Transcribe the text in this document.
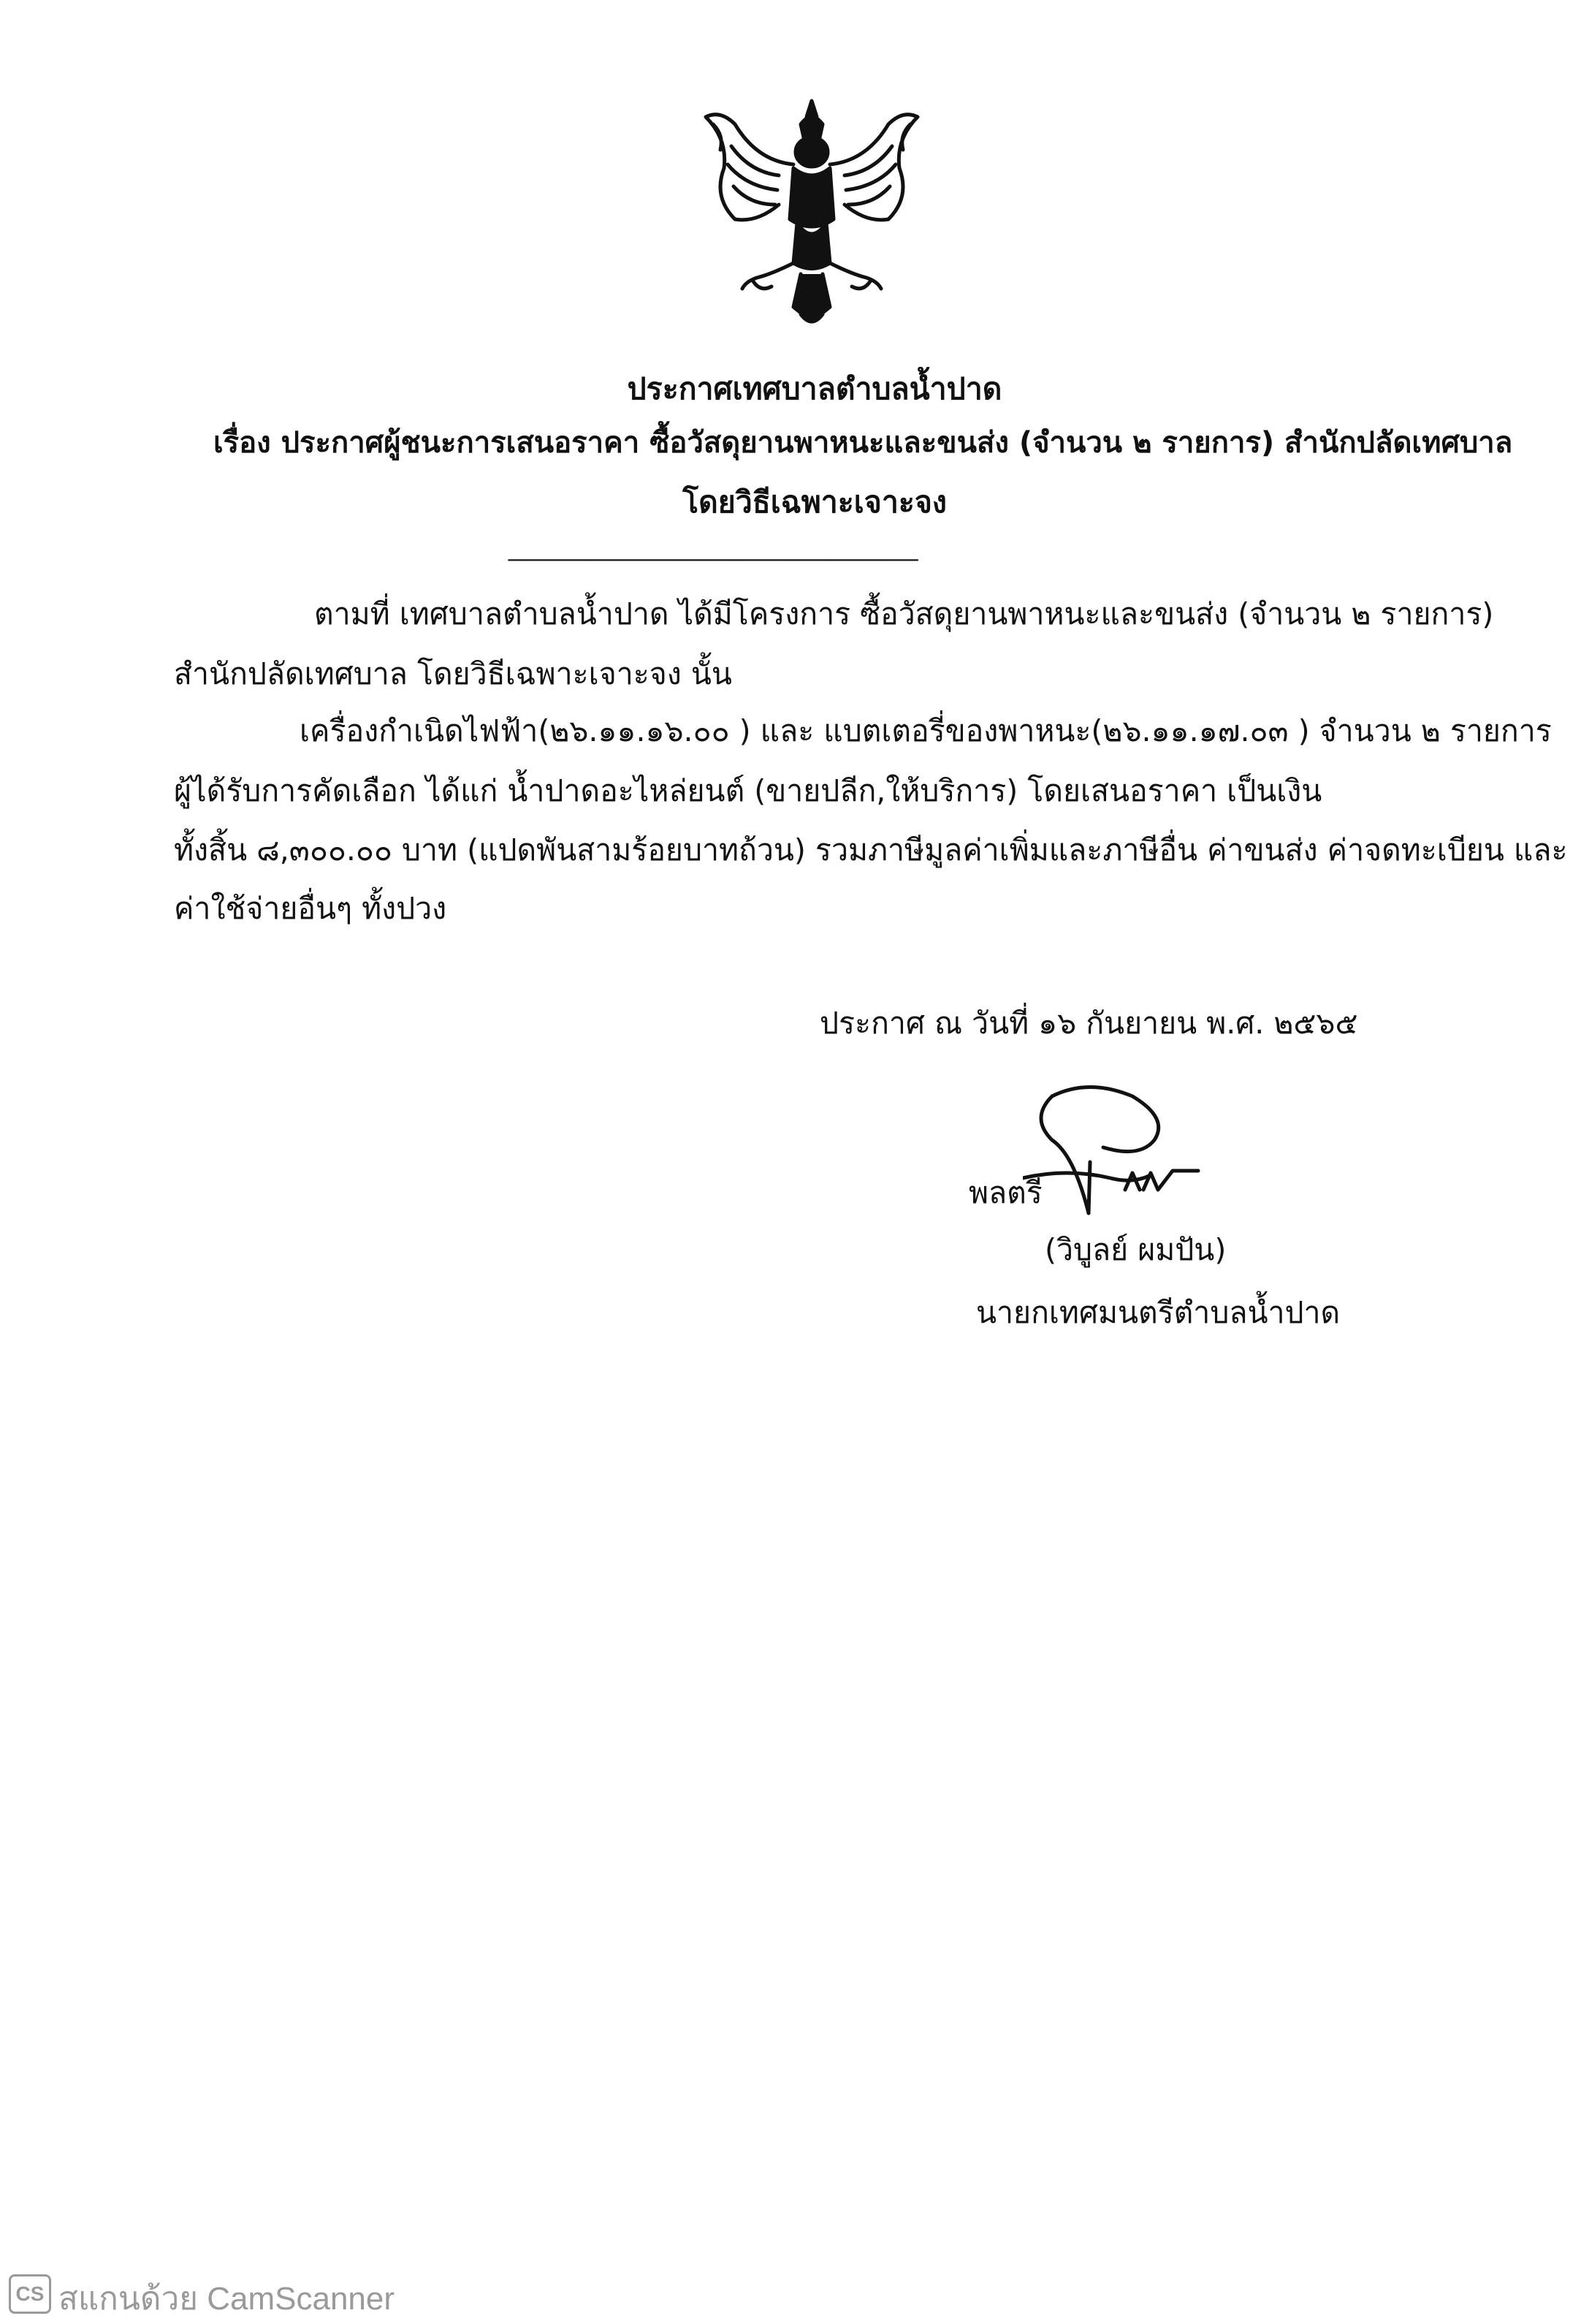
ประกาศเทศบาลตำบลน้ำปาด
เรื่อง ประกาศผู้ชนะการเสนอราคา ซื้อวัสดุยานพาหนะและขนส่ง (จำนวน ๒ รายการ) สำนักปลัดเทศบาล
โดยวิธีเฉพาะเจาะจง
-------------------------------------------------------------------------------
ตามที่ เทศบาลตำบลน้ำปาด ได้มีโครงการ ซื้อวัสดุยานพาหนะและขนส่ง (จำนวน ๒ รายการ)
สำนักปลัดเทศบาล โดยวิธีเฉพาะเจาะจง นั้น
เครื่องกำเนิดไฟฟ้า(๒๖.๑๑.๑๖.๐๐ ) และ แบตเตอรี่ของพาหนะ(๒๖.๑๑.๑๗.๐๓ ) จำนวน ๒ รายการ
ผู้ได้รับการคัดเลือก ได้แก่ น้ำปาดอะไหล่ยนต์ (ขายปลีก,ให้บริการ) โดยเสนอราคา เป็นเงิน
ทั้งสิ้น ๘,๓๐๐.๐๐ บาท (แปดพันสามร้อยบาทถ้วน) รวมภาษีมูลค่าเพิ่มและภาษีอื่น ค่าขนส่ง ค่าจดทะเบียน และ
ค่าใช้จ่ายอื่นๆ ทั้งปวง
ประกาศ ณ วันที่ ๑๖ กันยายน พ.ศ. ๒๕๖๕
พลตรี
(วิบูลย์ ผมปัน)
นายกเทศมนตรีตำบลน้ำปาด
CS สแกนด้วย CamScanner
